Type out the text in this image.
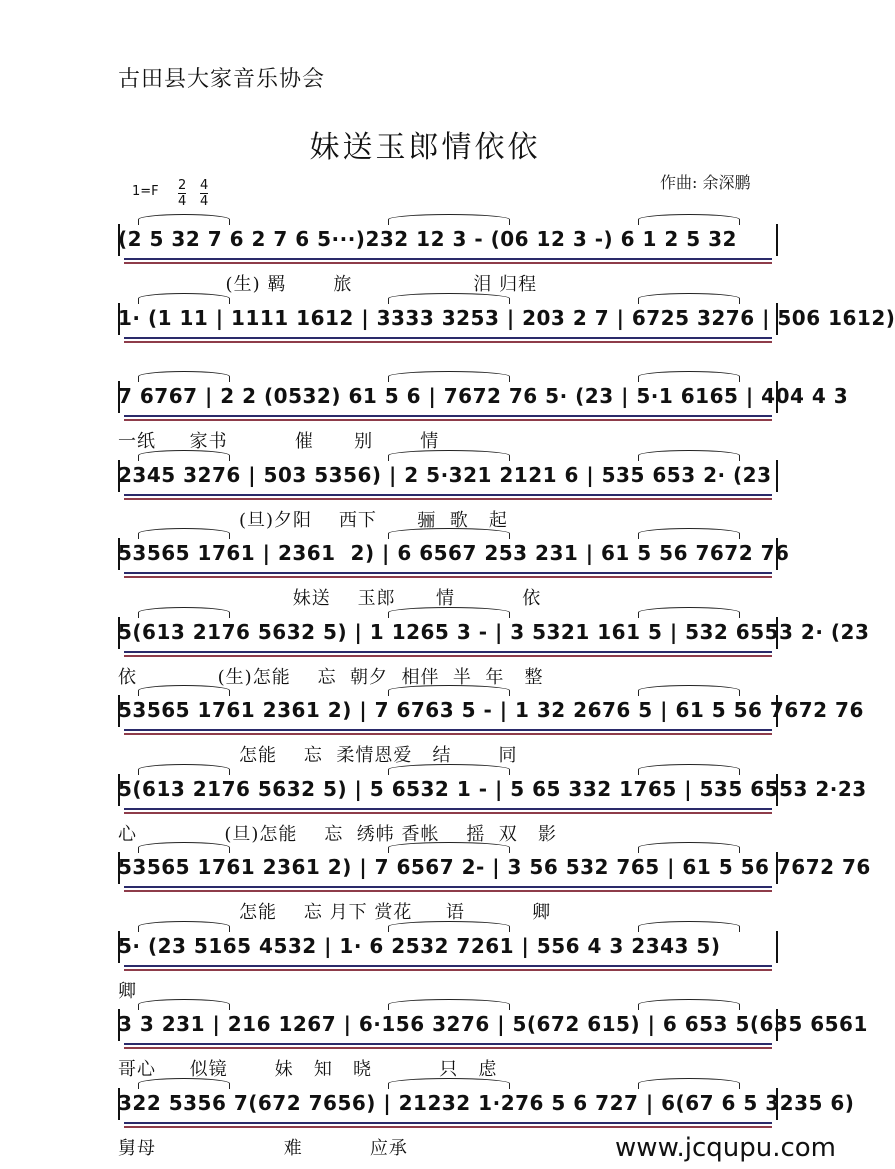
古田县大家音乐协会
妹送玉郎情依依
作曲: 余深鹏
1=F 2
4
4
4
(2 5 32 7 6 2 7 6 5···)232 12 3 - (06 12 3 -) 6 1 2 5 32
(生) 羁       旅                  泪 归程
1· (1 11 | 1111 1612 | 3333 3253 | 203 2 7 | 6725 3276 | 506 1612)
7 6767 | 2 2 (0532) 61 5 6 | 7672 76 5· (23 | 5·1 6165 | 404 4 3
一纸     家书          催      别       情
2345 3276 | 503 5356) | 2 5·321 2121 6 | 535 653 2· (23
(旦)夕阳    西下      骊  歌   起
53565 1761 | 2361  2) | 6 6567 253 231 | 61 5 56 7672 76
妹送    玉郎      情          依
5(613 2176 5632 5) | 1 1265 3 - | 3 5321 161 5 | 532 6553 2· (23
依            (生)怎能    忘  朝夕  相伴  半  年   整
53565 1761 2361 2) | 7 6763 5 - | 1 32 2676 5 | 61 5 56 7672 76
怎能    忘  柔情恩爱   结       同
5(613 2176 5632 5) | 5 6532 1 - | 5 65 332 1765 | 535 6553 2·23
心             (旦)怎能    忘  绣帏 香帐    摇  双   影
53565 1761 2361 2) | 7 6567 2- | 3 56 532 765 | 61 5 56 7672 76
怎能    忘 月下 赏花     语          卿
5· (23 5165 4532 | 1· 6 2532 7261 | 556 4 3 2343 5)
卿
3 3 231 | 216 1267 | 6·156 3276 | 5(672 615) | 6 653 5(635 6561
哥心     似镜       妹   知   晓          只   虑
322 5356 7(672 7656) | 21232 1·276 5 6 727 | 6(67 6 5 3235 6)
舅母                   难          应承	www.jcqupu.com
